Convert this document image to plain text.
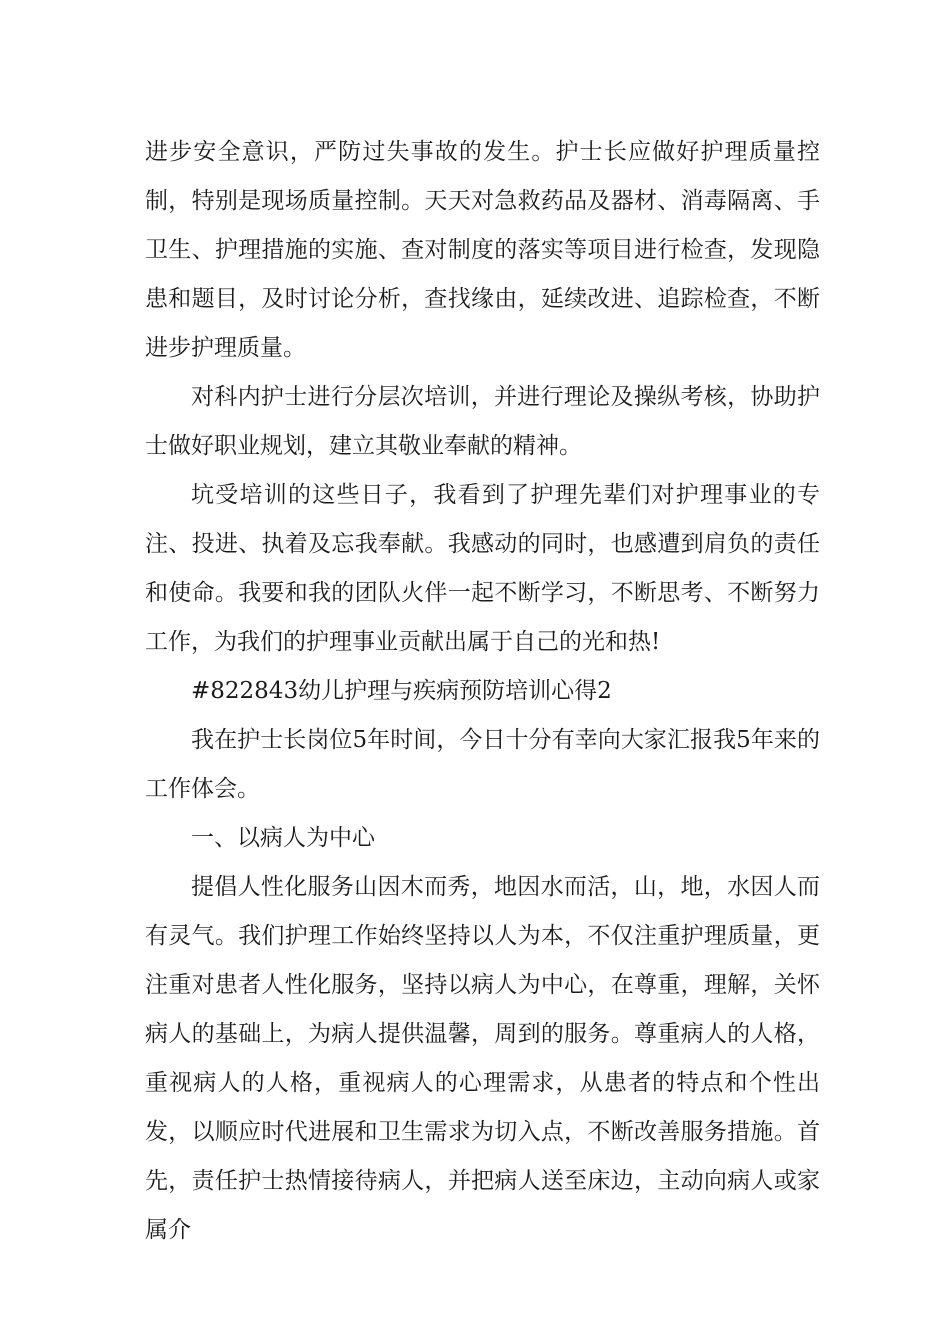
进步安全意识，严防过失事故的发生。护士长应做好护理质量控制，特别是现场质量控制。天天对急救药品及器材、消毒隔离、手卫生、护理措施的实施、查对制度的落实等项目进行检查，发现隐患和题目，及时讨论分析，查找缘由，延续改进、追踪检查，不断进步护理质量。

对科内护士进行分层次培训，并进行理论及操纵考核，协助护士做好职业规划，建立其敬业奉献的精神。

坑受培训的这些日子，我看到了护理先辈们对护理事业的专注、投进、执着及忘我奉献。我感动的同时，也感遭到肩负的责任和使命。我要和我的团队火伴一起不断学习，不断思考、不断努力工作，为我们的护理事业贡献出属于自己的光和热!

#822843幼儿护理与疾病预防培训心得2

我在护士长岗位5年时间，今日十分有幸向大家汇报我5年来的工作体会。

一、以病人为中心

提倡人性化服务山因木而秀，地因水而活，山，地，水因人而有灵气。我们护理工作始终坚持以人为本，不仅注重护理质量，更注重对患者人性化服务，坚持以病人为中心，在尊重，理解，关怀病人的基础上，为病人提供温馨，周到的服务。尊重病人的人格，重视病人的人格，重视病人的心理需求，从患者的特点和个性出发，以顺应时代进展和卫生需求为切入点，不断改善服务措施。首先，责任护士热情接待病人，并把病人送至床边，主动向病人或家属介
